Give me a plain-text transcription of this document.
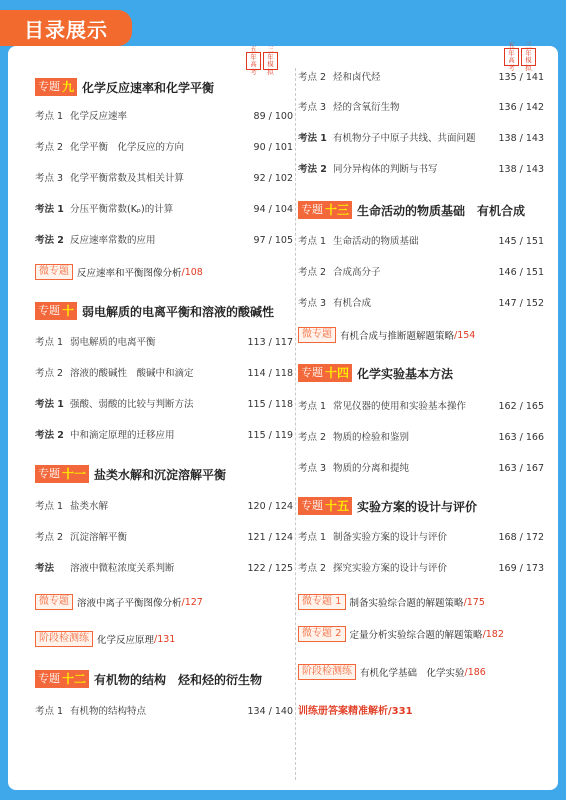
目录展示
五年高考
三年模拟
五年高考
三年模拟
专题 九 化学反应速率和化学平衡
考点 1 化学反应速率	89 / 100
考点 2 化学平衡　化学反应的方向	90 / 101
考点 3 化学平衡常数及其相关计算	92 / 102
考法 1 分压平衡常数(Kₚ)的计算	94 / 104
考法 2 反应速率常数的应用	97 / 105
微专题 反应速率和平衡图像分析 /108
专题 十 弱电解质的电离平衡和溶液的酸碱性
考点 1 弱电解质的电离平衡	113 / 117
考点 2 溶液的酸碱性　酸碱中和滴定	114 / 118
考法 1 强酸、弱酸的比较与判断方法	115 / 118
考法 2 中和滴定原理的迁移应用	115 / 119
专题 十一 盐类水解和沉淀溶解平衡
考点 1 盐类水解	120 / 124
考点 2 沉淀溶解平衡	121 / 124
考法	溶液中微粒浓度关系判断	122 / 125
微专题 溶液中离子平衡图像分析 /127
阶段检测练 化学反应原理 /131
专题 十二 有机物的结构　烃和烃的衍生物
考点 1 有机物的结构特点	134 / 140
考点 2 烃和卤代烃	135 / 141
考点 3 烃的含氧衍生物	136 / 142
考法 1 有机物分子中原子共线、共面问题	138 / 143
考法 2 同分异构体的判断与书写	138 / 143
专题 十三 生命活动的物质基础　有机合成
考点 1 生命活动的物质基础	145 / 151
考点 2 合成高分子	146 / 151
考点 3 有机合成	147 / 152
微专题 有机合成与推断题解题策略 /154
专题 十四 化学实验基本方法
考点 1 常见仪器的使用和实验基本操作	162 / 165
考点 2 物质的检验和鉴别	163 / 166
考点 3 物质的分离和提纯	163 / 167
专题 十五 实验方案的设计与评价
考点 1 制备实验方案的设计与评价	168 / 172
考点 2 探究实验方案的设计与评价	169 / 173
微专题 1 制备实验综合题的解题策略 /175
微专题 2 定量分析实验综合题的解题策略 /182
阶段检测练 有机化学基础　化学实验 /186
训练册答案精准解析/331
